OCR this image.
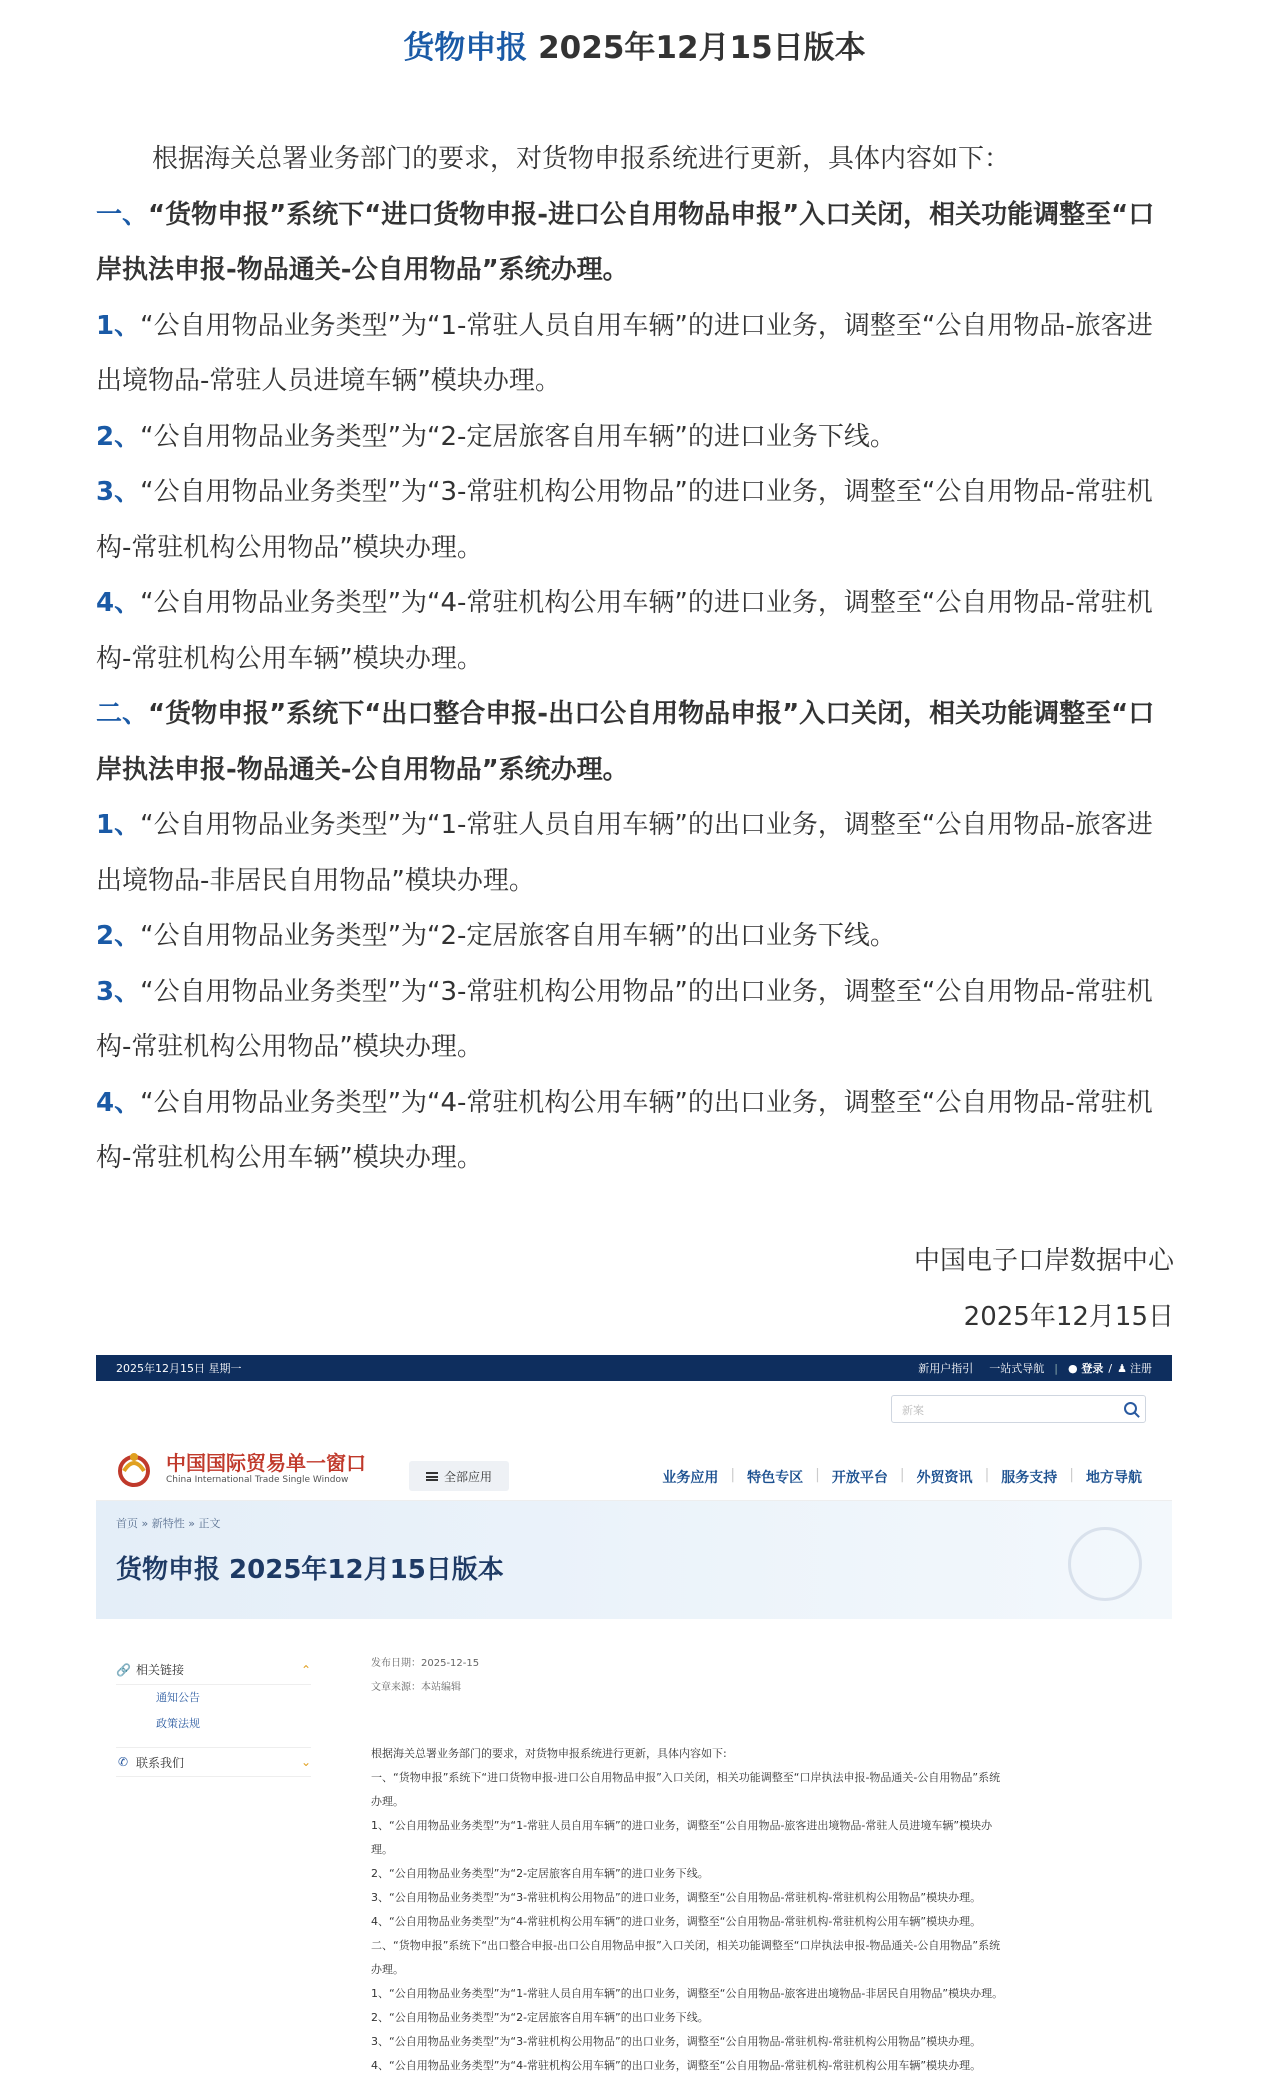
货物申报 2025年12月15日版本

根据海关总署业务部门的要求，对货物申报系统进行更新，具体内容如下：

一、“货物申报”系统下“进口货物申报-进口公自用物品申报”入口关闭，相关功能调整至“口岸执法申报-物品通关-公自用物品”系统办理。

1、“公自用物品业务类型”为“1-常驻人员自用车辆”的进口业务，调整至“公自用物品-旅客进出境物品-常驻人员进境车辆”模块办理。

2、“公自用物品业务类型”为“2-定居旅客自用车辆”的进口业务下线。

3、“公自用物品业务类型”为“3-常驻机构公用物品”的进口业务，调整至“公自用物品-常驻机构-常驻机构公用物品”模块办理。

4、“公自用物品业务类型”为“4-常驻机构公用车辆”的进口业务，调整至“公自用物品-常驻机构-常驻机构公用车辆”模块办理。

二、“货物申报”系统下“出口整合申报-出口公自用物品申报”入口关闭，相关功能调整至“口岸执法申报-物品通关-公自用物品”系统办理。

1、“公自用物品业务类型”为“1-常驻人员自用车辆”的出口业务，调整至“公自用物品-旅客进出境物品-非居民自用物品”模块办理。

2、“公自用物品业务类型”为“2-定居旅客自用车辆”的出口业务下线。

3、“公自用物品业务类型”为“3-常驻机构公用物品”的出口业务，调整至“公自用物品-常驻机构-常驻机构公用物品”模块办理。

4、“公自用物品业务类型”为“4-常驻机构公用车辆”的出口业务，调整至“公自用物品-常驻机构-常驻机构公用车辆”模块办理。

中国电子口岸数据中心
2025年12月15日
2025年12月15日 星期一	新用户指引 一站式导航 | ● 登录 / ♟ 注册
新案
中国国际贸易单一窗口
China International Trade Single Window	全部应用	业务应用 | 特色专区 | 开放平台 | 外贸资讯 | 服务支持 | 地方导航
首页 » 新特性 » 正文
货物申报 2025年12月15日版本
🔗 相关链接	⌃
通知公告
政策法规
✆ 联系我们	⌄
发布日期：2025-12-15
文章来源：本站编辑
根据海关总署业务部门的要求，对货物申报系统进行更新，具体内容如下:
一、“货物申报”系统下“进口货物申报-进口公自用物品申报”入口关闭，相关功能调整至“口岸执法申报-物品通关-公自用物品”系统
办理。
1、“公自用物品业务类型”为“1-常驻人员自用车辆”的进口业务，调整至“公自用物品-旅客进出境物品-常驻人员进境车辆”模块办
理。
2、“公自用物品业务类型”为“2-定居旅客自用车辆”的进口业务下线。
3、“公自用物品业务类型”为“3-常驻机构公用物品”的进口业务，调整至“公自用物品-常驻机构-常驻机构公用物品”模块办理。
4、“公自用物品业务类型”为“4-常驻机构公用车辆”的进口业务，调整至“公自用物品-常驻机构-常驻机构公用车辆”模块办理。
二、“货物申报”系统下“出口整合申报-出口公自用物品申报”入口关闭，相关功能调整至“口岸执法申报-物品通关-公自用物品”系统
办理。
1、“公自用物品业务类型”为“1-常驻人员自用车辆”的出口业务，调整至“公自用物品-旅客进出境物品-非居民自用物品”模块办理。
2、“公自用物品业务类型”为“2-定居旅客自用车辆”的出口业务下线。
3、“公自用物品业务类型”为“3-常驻机构公用物品”的出口业务，调整至“公自用物品-常驻机构-常驻机构公用物品”模块办理。
4、“公自用物品业务类型”为“4-常驻机构公用车辆”的出口业务，调整至“公自用物品-常驻机构-常驻机构公用车辆”模块办理。
